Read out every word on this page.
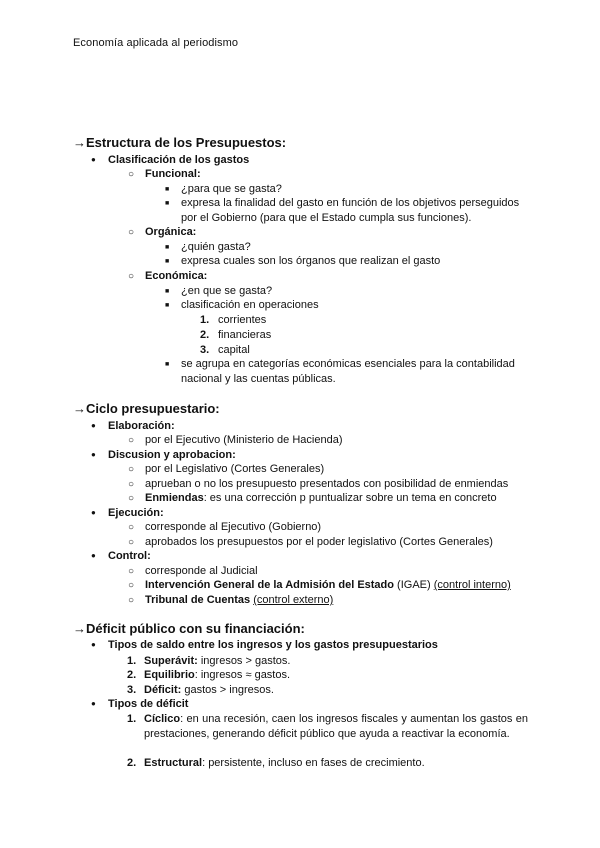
Economía aplicada al periodismo
→Estructura de los Presupuestos:
●
Clasificación de los gastos
○
Funcional:
■
¿para que se gasta?
■
expresa la finalidad del gasto en función de los objetivos perseguidos
por el Gobierno (para que el Estado cumpla sus funciones).
○
Orgánica:
■
¿quién gasta?
■
expresa cuales son los órganos que realizan el gasto
○
Económica:
■
¿en que se gasta?
■
clasificación en operaciones
1. corrientes
2. financieras
3. capital
■
se agrupa en categorías económicas esenciales para la contabilidad
nacional y las cuentas públicas.
→Ciclo presupuestario:
●
Elaboración:
○
por el Ejecutivo (Ministerio de Hacienda)
●
Discusion y aprobacion:
○
por el Legislativo (Cortes Generales)
○
aprueban o no los presupuesto presentados con posibilidad de enmiendas
○
Enmiendas: es una corrección p puntualizar sobre un tema en concreto
●
Ejecución:
○
corresponde al Ejecutivo (Gobierno)
○
aprobados los presupuestos por el poder legislativo (Cortes Generales)
●
Control:
○
corresponde al Judicial
○
Intervención General de la Admisión del Estado (IGAE) (control interno)
○
Tribunal de Cuentas (control externo)
→Déficit público con su financiación:
●
Tipos de saldo entre los ingresos y los gastos presupuestarios
1. Superávit: ingresos > gastos.
2. Equilibrio: ingresos ≈ gastos.
3. Déficit: gastos > ingresos.
●
Tipos de déficit
1. Cíclico: en una recesión, caen los ingresos fiscales y aumentan los gastos en prestaciones, generando déficit público que ayuda a reactivar la economía.
2. Estructural: persistente, incluso en fases de crecimiento.
